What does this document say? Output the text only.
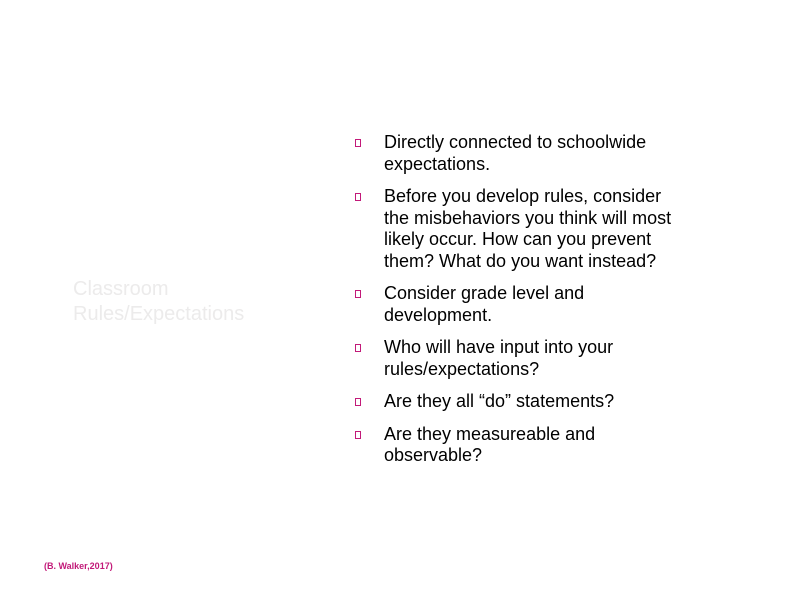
Classroom
Rules/Expectations
Directly connected to schoolwide
expectations.
Before you develop rules, consider
the misbehaviors you think will most
likely occur. How can you prevent
them? What do you want instead?
Consider grade level and
development.
Who will have input into your
rules/expectations?
Are they all “do” statements?
Are they measureable and
observable?
(B. Walker,2017)
